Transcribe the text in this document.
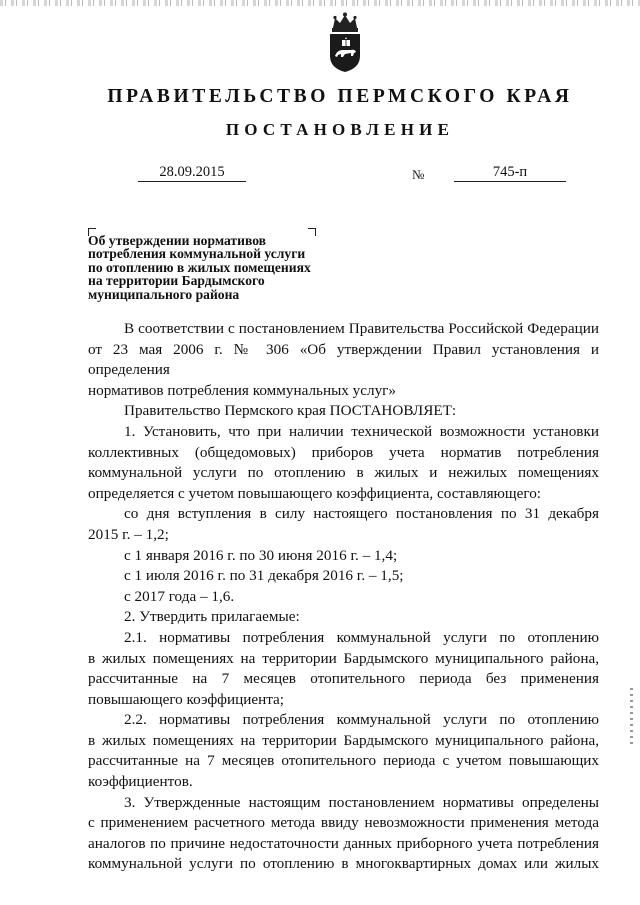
ПРАВИТЕЛЬСТВО ПЕРМСКОГО КРАЯ
ПОСТАНОВЛЕНИЕ
28.09.2015	№	745-п
Об утверждении нормативов
потребления коммунальной услуги
по отоплению в жилых помещениях
на территории Бардымского
муниципального района

В соответствии с постановлением Правительства Российской Федерации

от 23 мая 2006 г. № 306 «Об утверждении Правил установления и определения

нормативов потребления коммунальных услуг»

Правительство Пермского края ПОСТАНОВЛЯЕТ:

1. Установить, что при наличии технической возможности установки

коллективных (общедомовых) приборов учета норматив потребления

коммунальной услуги по отоплению в жилых и нежилых помещениях

определяется с учетом повышающего коэффициента, составляющего:

со дня вступления в силу настоящего постановления по 31 декабря

2015 г. – 1,2;

с 1 января 2016 г. по 30 июня 2016 г. – 1,4;

с 1 июля 2016 г. по 31 декабря 2016 г. – 1,5;

с 2017 года – 1,6.

2. Утвердить прилагаемые:

2.1. нормативы потребления коммунальной услуги по отоплению

в жилых помещениях на территории Бардымского муниципального района,

рассчитанные на 7 месяцев отопительного периода без применения

повышающего коэффициента;

2.2. нормативы потребления коммунальной услуги по отоплению

в жилых помещениях на территории Бардымского муниципального района,

рассчитанные на 7 месяцев отопительного периода с учетом повышающих

коэффициентов.

3. Утвержденные настоящим постановлением нормативы определены

с применением расчетного метода ввиду невозможности применения метода

аналогов по причине недостаточности данных приборного учета потребления

коммунальной услуги по отоплению в многоквартирных домах или жилых
